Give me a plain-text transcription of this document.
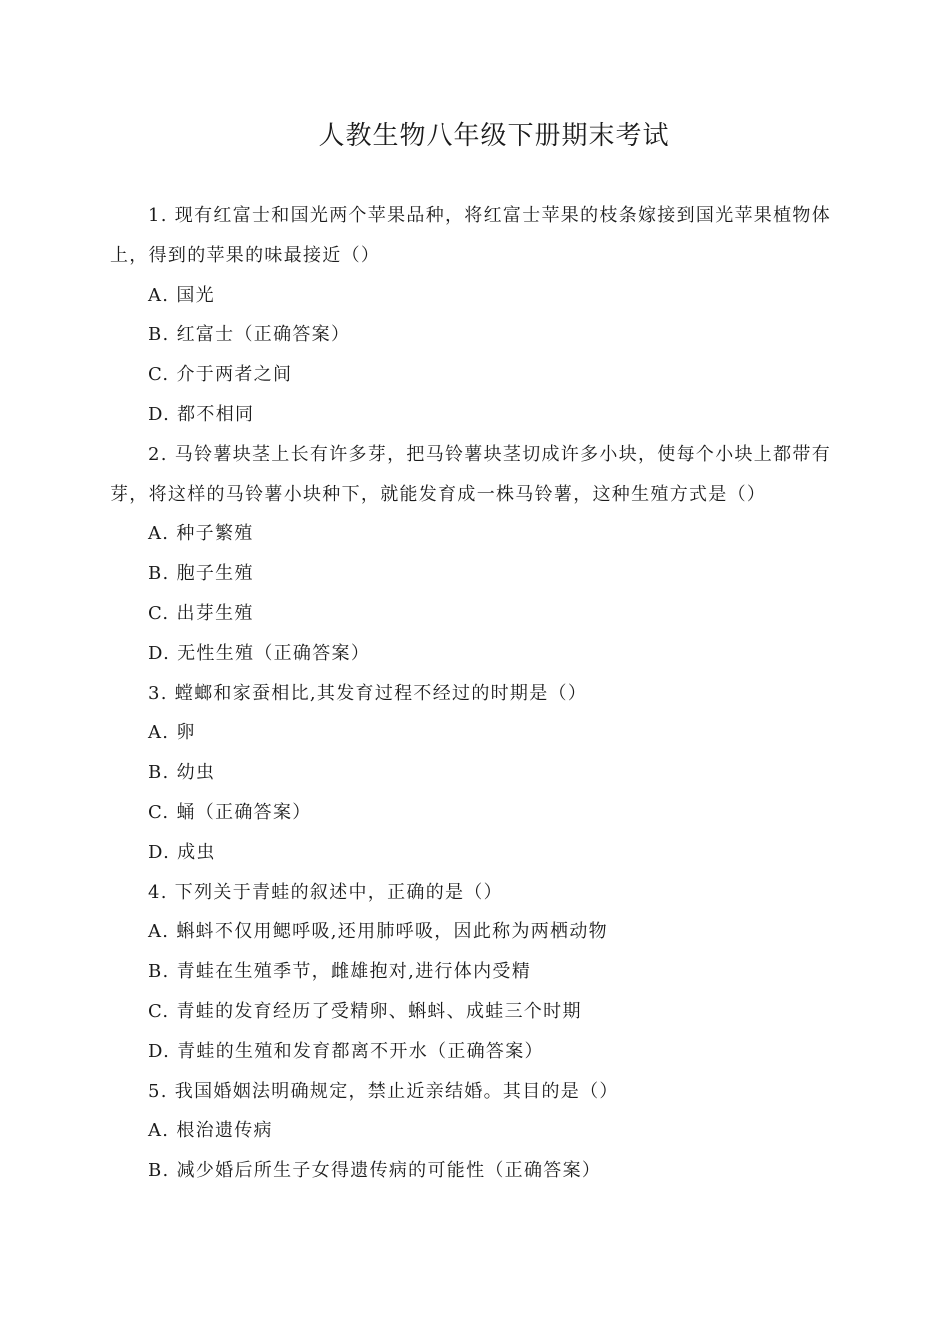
人教生物八年级下册期末考试
1. 现有红富士和国光两个苹果品种，将红富士苹果的枝条嫁接到国光苹果植物体
上，得到的苹果的味最接近（）
A. 国光
B. 红富士（正确答案）
C. 介于两者之间
D. 都不相同
2. 马铃薯块茎上长有许多芽，把马铃薯块茎切成许多小块，使每个小块上都带有
芽，将这样的马铃薯小块种下，就能发育成一株马铃薯，这种生殖方式是（）
A. 种子繁殖
B. 胞子生殖
C. 出芽生殖
D. 无性生殖（正确答案）
3. 螳螂和家蚕相比,其发育过程不经过的时期是（）
A. 卵
B. 幼虫
C. 蛹（正确答案）
D. 成虫
4. 下列关于青蛙的叙述中，正确的是（）
A. 蝌蚪不仅用鳃呼吸,还用肺呼吸，因此称为两栖动物
B. 青蛙在生殖季节，雌雄抱对,进行体内受精
C. 青蛙的发育经历了受精卵、蝌蚪、成蛙三个时期
D. 青蛙的生殖和发育都离不开水（正确答案）
5. 我国婚姻法明确规定，禁止近亲结婚。其目的是（）
A. 根治遗传病
B. 减少婚后所生子女得遗传病的可能性（正确答案）
